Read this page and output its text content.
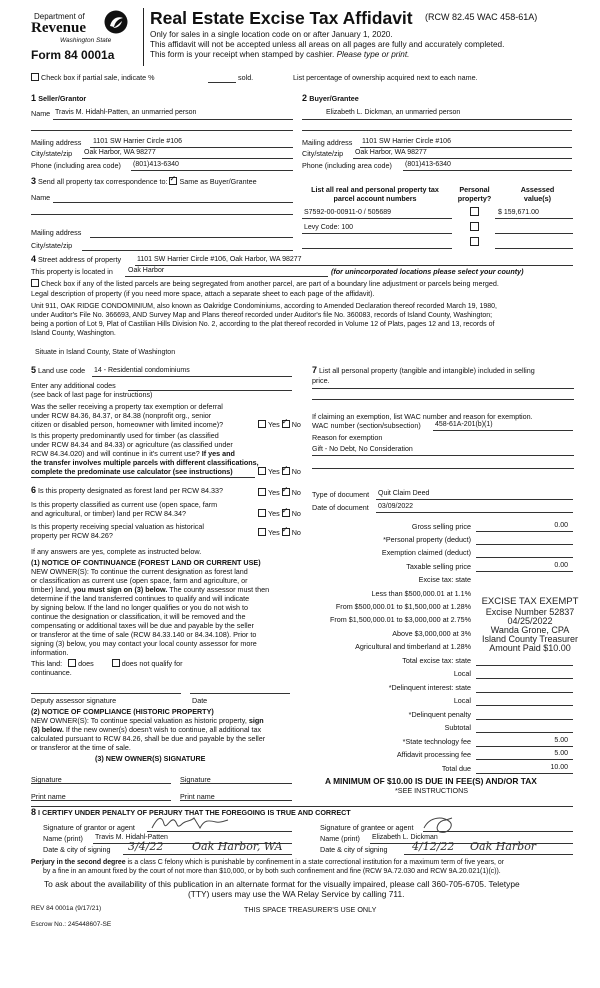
Department of
Revenue
Washington State
Form 84 0001a
Real Estate Excise Tax Affidavit (RCW 82.45 WAC 458-61A)
Only for sales in a single location code on or after January 1, 2020.
This affidavit will not be accepted unless all areas on all pages are fully and accurately completed.
This form is your receipt when stamped by cashier. Please type or print.
Check box if partial sale, indicate %	sold.	List percentage of ownership acquired next to each name.
1 Seller/Grantor
Name Travis M. Hidahl-Patten, an unmarried person
Mailing address 1101 SW Harrier Circle #106
City/state/zip Oak Harbor, WA 98277
Phone (including area code) (801)413-6340
2 Buyer/Grantee
Elizabeth L. Dickman, an unmarried person
Mailing address 1101 SW Harrier Circle #106
City/state/zip Oak Harbor, WA 98277
Phone (including area code) (801)413-6340
3 Send all property tax correspondence to: ✓ Same as Buyer/Grantee
Name
Mailing address
City/state/zip
List all real and personal property tax
parcel account numbers
Personal
property?
Assessed
value(s)
S7592-00-00911-0 / 505689	$ 159,671.00
Levy Code: 100
4 Street address of property 1101 SW Harrier Circle #106, Oak Harbor, WA 98277
This property is located in Oak Harbor	(for unincorporated locations please select your county)
Check box if any of the listed parcels are being segregated from another parcel, are part of a boundary line adjustment or parcels being merged.
Legal description of property (if you need more space, attach a separate sheet to each page of the affidavit).
Unit 911, OAK RIDGE CONDOMINIUM, also known as Oakridge Condominiums, according to Amended Declaration thereof recorded March 19, 1980,
under Auditor's File No. 366693, AND Survey Map and Plans thereof recorded under Auditor's file No. 360083, records of Island County, Washington;
being a portion of Lot 9, Plat of Castilian Hills Division No. 2, according to the plat thereof recorded in Volume 12 of Plats, pages 12 and 13, records of
Island County, Washington.
Situate in Island County, State of Washington
5 Land use code 14 - Residential condominiums
Enter any additional codes
(see back of last page for instructions)
Was the seller receiving a property tax exemption or deferral
under RCW 84.36, 84.37, or 84.38 (nonprofit org., senior
citizen or disabled person, homeowner with limited income)?	Yes ✓ No
Is this property predominantly used for timber (as classified
under RCW 84.34 and 84.33) or agriculture (as classified under
RCW 84.34.020) and will continue in it's current use? If yes and
the transfer involves multiple parcels with different classifications,
complete the predominate use calculator (see instructions)	Yes ✓ No
6 Is this property designated as forest land per RCW 84.33?	Yes ✓ No
Is this property classified as current use (open space, farm
and agricultural, or timber) land per RCW 84.34?	Yes ✓ No
Is this property receiving special valuation as historical
property per RCW 84.26?	Yes ✓ No
If any answers are yes, complete as instructed below.
(1) NOTICE OF CONTINUANCE (FOREST LAND OR CURRENT USE)
NEW OWNER(S): To continue the current designation as forest land
or classification as current use (open space, farm and agriculture, or
timber) land, you must sign on (3) below. The county assessor must then
determine if the land transferred continues to qualify and will indicate
by signing below. If the land no longer qualifies or you do not wish to
continue the designation or classification, it will be removed and the
compensating or additional taxes will be due and payable by the seller
or transferor at the time of sale (RCW 84.33.140 or 84.34.108). Prior to
signing (3) below, you may contact your local county assessor for more
information.
This land: does	does not qualify for
continuance.
Deputy assessor signature	Date
(2) NOTICE OF COMPLIANCE (HISTORIC PROPERTY)
NEW OWNER(S): To continue special valuation as historic property, sign
(3) below. If the new owner(s) doesn't wish to continue, all additional tax
calculated pursuant to RCW 84.26, shall be due and payable by the seller
or transferor at the time of sale.
(3) NEW OWNER(S) SIGNATURE
Signature	Signature
Print name	Print name
7 List all personal property (tangible and intangible) included in selling
price.
If claiming an exemption, list WAC number and reason for exemption.
WAC number (section/subsection) 458-61A-201(b)(1)
Reason for exemption
Gift - No Debt, No Consideration
Type of document Quit Claim Deed
Date of document 03/09/2022
Gross selling price	0.00
*Personal property (deduct)
Exemption claimed (deduct)
Taxable selling price	0.00
Excise tax: state
Less than $500,000.01 at 1.1%
From $500,000.01 to $1,500,000 at 1.28%
From $1,500,000.01 to $3,000,000 at 2.75%
Above $3,000,000 at 3%
Agricultural and timberland at 1.28%
Total excise tax: state
Local
*Delinquent interest: state
Local
*Delinquent penalty
Subtotal
*State technology fee	5.00
Affidavit processing fee	5.00
Total due	10.00
A MINIMUM OF $10.00 IS DUE IN FEE(S) AND/OR TAX
*SEE INSTRUCTIONS
EXCISE TAX EXEMPT
Excise Number 52837
04/25/2022
Wanda Grone, CPA
Island County Treasurer
Amount Paid $10.00
8 I CERTIFY UNDER PENALTY OF PERJURY THAT THE FOREGOING IS TRUE AND CORRECT
Signature of grantor or agent
Name (print) Travis M. Hidahl-Patten
Date & city of signing 3/4/22	Oak Harbor, WA
Signature of grantee or agent
Name (print) Elizabeth L. Dickman
Date & city of signing 4/12/22 Oak Harbor
Perjury in the second degree is a class C felony which is punishable by confinement in a state correctional institution for a maximum term of five years, or
by a fine in an amount fixed by the court of not more than $10,000, or by both such confinement and fine (RCW 9A.72.030 and RCW 9A.20.021(1)(c)).
To ask about the availability of this publication in an alternate format for the visually impaired, please call 360-705-6705. Teletype
(TTY) users may use the WA Relay Service by calling 711.
REV 84 0001a (9/17/21)	THIS SPACE TREASURER'S USE ONLY
Escrow No.: 245448607-SE
